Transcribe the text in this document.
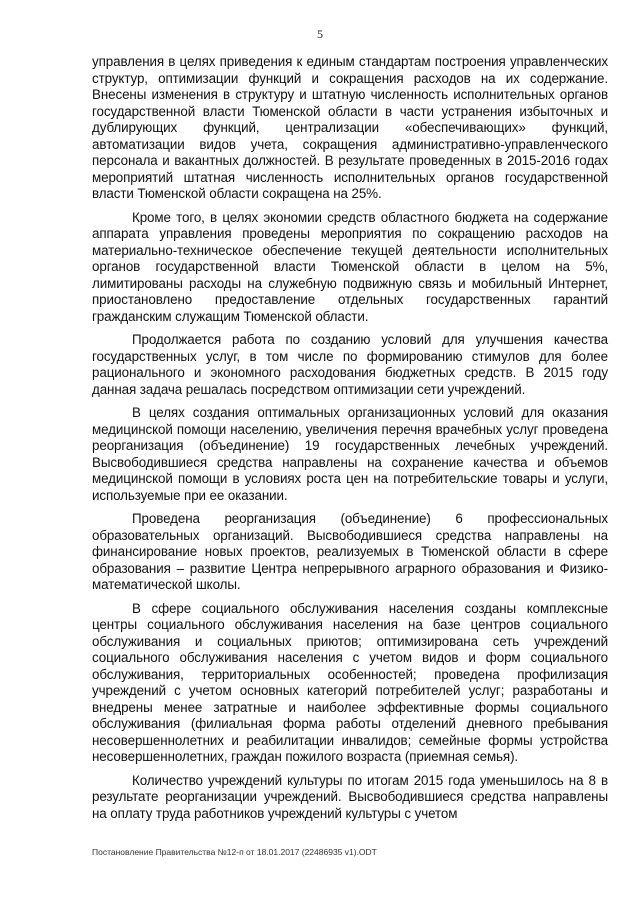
5

управления в целях приведения к единым стандартам построения управленческих структур, оптимизации функций и сокращения расходов на их содержание. Внесены изменения в структуру и штатную численность исполнительных органов государственной власти Тюменской области в части устранения избыточных и дублирующих функций, централизации «обеспечивающих» функций, автоматизации видов учета, сокращения административно-управленческого персонала и вакантных должностей. В результате проведенных в 2015-2016 годах мероприятий штатная численность исполнительных органов государственной власти Тюменской области сокращена на 25%.

Кроме того, в целях экономии средств областного бюджета на содержание аппарата управления проведены мероприятия по сокращению расходов на материально-техническое обеспечение текущей деятельности исполнительных органов государственной власти Тюменской области в целом на 5%, лимитированы расходы на служебную подвижную связь и мобильный Интернет, приостановлено предоставление отдельных государственных гарантий гражданским служащим Тюменской области.

Продолжается работа по созданию условий для улучшения качества государственных услуг, в том числе по формированию стимулов для более рационального и экономного расходования бюджетных средств. В 2015 году данная задача решалась посредством оптимизации сети учреждений.

В целях создания оптимальных организационных условий для оказания медицинской помощи населению, увеличения перечня врачебных услуг проведена реорганизация (объединение) 19 государственных лечебных учреждений. Высвободившиеся средства направлены на сохранение качества и объемов медицинской помощи в условиях роста цен на потребительские товары и услуги, используемые при ее оказании.

Проведена реорганизация (объединение) 6 профессиональных образовательных организаций. Высвободившиеся средства направлены на финансирование новых проектов, реализуемых в Тюменской области в сфере образования – развитие Центра непрерывного аграрного образования и Физико-математической школы.

В сфере социального обслуживания населения созданы комплексные центры социального обслуживания населения на базе центров социального обслуживания и социальных приютов; оптимизирована сеть учреждений социального обслуживания населения с учетом видов и форм социального обслуживания, территориальных особенностей; проведена профилизация учреждений с учетом основных категорий потребителей услуг; разработаны и внедрены менее затратные и наиболее эффективные формы социального обслуживания (филиальная форма работы отделений дневного пребывания несовершеннолетних и реабилитации инвалидов; семейные формы устройства несовершеннолетних, граждан пожилого возраста (приемная семья).

Количество учреждений культуры по итогам 2015 года уменьшилось на 8 в результате реорганизации учреждений. Высвободившиеся средства направлены на оплату труда работников учреждений культуры с учетом

Постановление Правительства №12-п от 18.01.2017 (22486935 v1).ODT
